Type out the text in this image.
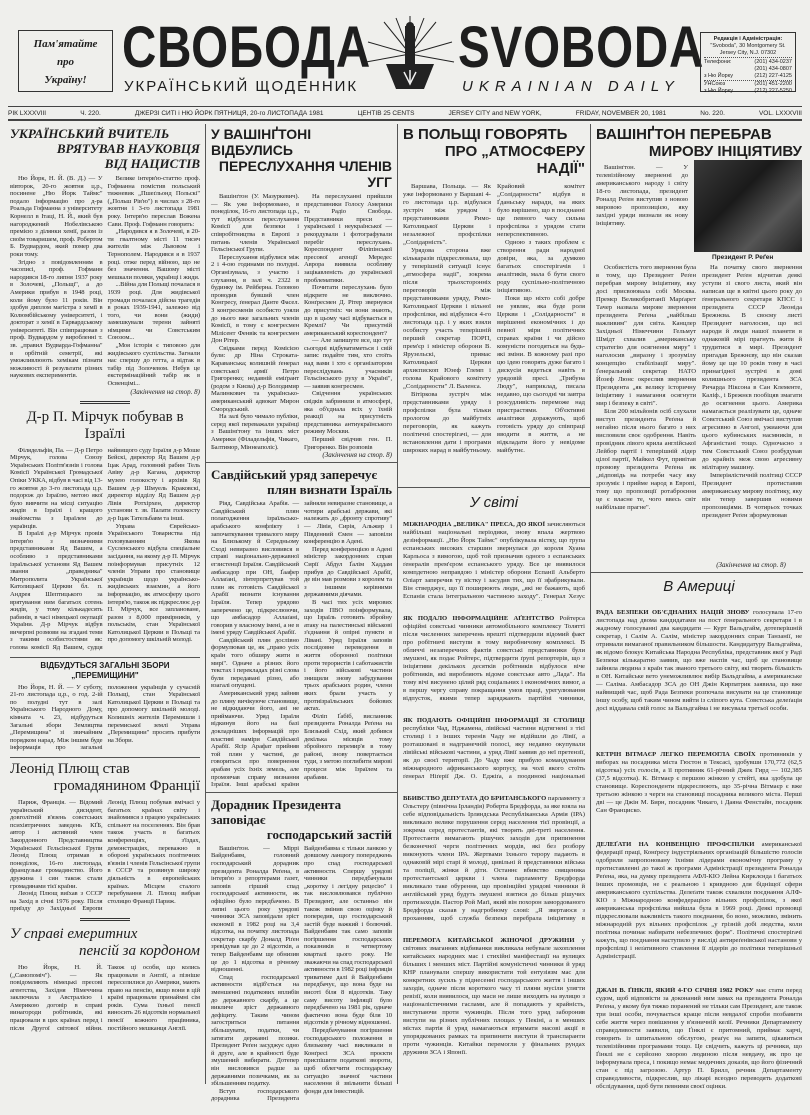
Пам'ятайте
про
Україну! СВОБОДА
УКРАЇНСЬКИЙ ЩОДЕННИК
SVOBODA
UKRAINIAN DAILY
Редакція і Адміністрація:
"Svoboda", 30 Montgomery St.
Jersey City, N.J. 07302
Телефони:	(201) 434-0237
(201) 434-0807
з Ню Йорку	(212) 227-4125
УНСоюз	(201) 451-2200
з Ню Йорку	(212) 227-5250
РІК LXXXVIII	Ч. 220.	ДЖЕРЗІ СИТІ і НЮ ЙОРК ПЯТНИЦЯ, 20-го ЛИСТОПАДА 1981	ЦЕНТІВ 25 CENTS	JERSEY CITY and NEW YORK,	FRIDAY, NOVEMBER 20, 1981	No. 220.	VOL. LXXXVIII
УКРАЇНСЬКИЙ ВЧИТЕЛЬ
ВРЯТУВАВ НАУКОВЦЯ
ВІД НАЦИСТІВ

Ню Йорк, Н. Й. (В. Д.) — У вівторок, 20-го жовтня ц.р., посинене „Ню Йорк Таймс" подало інформацію про д-ра Роальда Гофманна з університету Корнелл в Ітаці, Н. Й., який був нагороджений Нобелівською премією з ділянки хемії, разом із своїм товаришем, проф. Робертом Б. Вудвардом, який помер два роки тому.

Згідно з повідомленням в часописі, проф. Гофманн народився 18-го липня 1937 року в Золочеві, „Польщі", а до Америки прибув в 1948 році, коли йому було 11 років. Він здобув диплом магістра з хемії в Колюмбійському університеті, і докторат з хемії в Гарвардському університеті. Він співпрацював з проф. Вудвардом у виробленні т. зв. „правил Вудварда-Гофманна" в орбітній семетрії, які уможливлюють хемікам пізнати можливості й результати різних наукових експериментів.

Велике інтерв'ю-статтю проф. Гофманна помістив польський тижневик „Пшеґльонд Польскі" („Польш Рів'ю") в числах з 28-го жовтня і 3-го листопада 1981 року. Інтерв'ю переслав Вожена Сави. Проф. Гофманн говорить:

„Народився я в Золочеві, в 20-ти гвалтному місті 11 тисяч жителів між Львовом і Тернополем. Народився я в 1937 році. отже перед війною, що не без значення. Вашому місті мешкали поляки, українці і жиди.

...Війна для Польщі почалася в 1939 році. Для жидівської громади почалася дійсна трагедія в роках 1939-1941, залежно від того, чи вони (жиди) замешкували терени зайняті німцями чи Совєтським Союзом...

„Моя історія є типовою для жидівського суспільства. Загнали нас спершу до гетта, а відтак в табір під Золочевом. Небув це екстермінаційний табір як в Освенцімі...

(Закінчення на стор. 8)
Д-р П. Мірчук побував в Ізраїлі

Філядельфія, Па. — Д-р Петро Мірчук, голова Союзу Українських Політв'язнів і голова Комісії Української Громадської Опіки УККА, відбув в часі від 13-го жовтня до 3-го листопада ц.р. подорож до Ізраїлю, метою якої було вивчити на місці ситуацію жидів в Ізраїлі і кращого знайомства з Ізраїлем до українців.

В Ізраїлі д-р Мірчук провів інтерв'ю з визначними представниками Яд Вашем, а особливо з представниками ізраїльської установи Яд Вашем звання „праведника" Митрополита Української Католицької Церкви бл. п. Андрея Шептицького за врятування ним багатьох сотень жидів, у тому кількадесять рабинів, в часі німецької окупації України. Д-р Мірчук відбув вичерпні розмови на згадані теми з такими особистостями як: голова комісії Яд Вашем, судця найвищого суду Ізраїля д-р Моше Бейскі, директор Яд Вашем д-р Іцак Арад, головний рабин Тель Авіву д-р Кагана, директор музею голокосту і архівів Яд Вашем д-р Шмуель Краковскі, директор відділу Яд Вашем д-р Лівія Ротхірхен, директор установи т. зв. Палати голокосту д-р Іцак Тательбавм та інші.

Управа Єврейсько-Українського Товариства під головуванням Якова Сусленського відбула спеціальне засідання, на якому д-р П. Мірчук поінформував присутніх 12 членів Управи про становище українців щодо українсько-жидівських взаємин, а його інформацію, як атмосферу цього інтерв'ю, також як підкреслює д-р П. Мірчук, все заплановане, разом з 8,000 примірників, у польськім, стан Української Католицької Церкви в Польщі та про допомогу шкільній молоді.

ВІДБУДУТЬСЯ ЗАГАЛЬНІ ЗБОРИ „ПЕРЕМИЩИНИ"

Ню Йорк, Н. Й. — У суботу, 21-го листопада ц.р., о год. 2-ій по полудні тут в залі Українського Народного Дому, кімната ч. 23, відбудуться Загальні збори Земляцтва „Перемищина" зі звичайним порядком нарад. Між іншим буде інформація про загальні положення українців у сучасній Польщі, стан Української Католицької Церкви в Польщі та про допомогу шкільній молоді. Колишніх жителів Перемишля і перемиської землі Управа „Перемищини" просить прибути на Збори.

Леонід Плющ став
громадянином Франції

Париж, Франція. — Відомий український дисидент, довголітній в'язень совєтських психіятричних заведень КҐБ, автор і активний член Закордонного Представництва Української Гельсінської Групи Леонід Плющ отримав в понеділок, 16-го листопада, французьке громадянство. Його дружина і син також стали громадянами тієї країни.

Леонід Плющ виїхав з СССР на Захід в січні 1976 року. Після приїзду до Західньої Европи Леонід Плющ побував вмічасі у багатьох країнах світу і знайомився з працею українських спільнот на поселеннях. Він брав також участь в багатьох конференціях, з'їздах, демонстраціях, переважно в обороні українських політичних в'язнів і членів Гельсінської групи в СССР та розвинув широку діяльність в европейських країнах. Місцем сталого перебування Л. Плющ вибрав столицю Франції Париж.

У справі емеритних
пенсій за кордоном

Ню Йорк, Н. Й. („Самопоміч"). — Як повідомляють німецькі пресові агентства, Західня Німеччина заключила з Австралією і Америкою договір в справі винагороди робітників, які працювали в цих країнах перед і після Другої світової війни. Також ці особи, що колись працювали в Англії, а пізніше переселилися до Америки, мають право на пенсію, якщо вони в цій країні працювали принаймні сім років. Сума їхньої пенсії виносить 26 відсотків нормальної пенсії кожного працівника, постійного мешканця Англії.

У ВАШІНҐТОНІ ВІДБУЛИСЬ
ПЕРЕСЛУХАННЯ ЧЛЕНІВ УГГ

Вашінґтон (У. Мазуркевич). — Як уже інформовано, в понеділок, 16-го листопада ц.р., тут відбулося переслухання Комісії для безпеки і співробітництва в Европі з питань членів Української Гельсінської Групи.

Переслухання відбулися між 2 і 4-ою годинами по полудні. Організувала, з участю і слухання, в залі ч. 2322 в будинку ім. Рейберна. Головою проводив бувший член Конгресу, ґенерал Данте Фасел. З конгресменів особисто узяли до нього вже загальних членів Комісії, в тому є конгресмен Мілісент Фенвік та конгресмен Дон Рітер.

Свідками перед Комісією були: др Ніна Строката-Караванська; колишній ґенерал совєтської армії Петро Григоренко; недавній еміґрант (родом з Києва) д-р Володимир Малинкович та українсько-американський адвокат Мирон Смородський.

На залі було чимало публіки, серед якої переважали українці з Вашінґтону та інших міст Америки (Філадельфія, Чикаго, Балтимор, Міннеаполіс).

На переслуханні прийшли представники Голосу Америки та Радіо Свобода. Представники преси — української і неукраїнської — рекордували і фотографували перебіг переслухань. Кореспондент Філіпінської пресової агенції Мередес Аврора виявила особливу зацікавленість до української проблематики.

Почитати переслухань було відкрите не виключно. Конґресмен Д. Рітер звернувся до присутніх: чи вони знають, що в цьому часі відбувається в Кремлі? Чи присутній американський кореспондент?

— Але запишуте все, що тут сьогодні відбуватиметься і свій запис подайте тим, хто стоїть над вами і хто є організатором переслідувань учасників Гельсінського руху в Україні", — заявив конгресмен.

Свідчення українських свідків забринили в атмосфері, яка об'єднала всіх у їхній реакції на присутність представника антиукраїнського режиму Москви.

Перший свідчив ген. П. Григоренко. Він розповів

(Закінчення на стор. 8)
Савдійський уряд заперечує
плян визнати Ізраїль

Ріяд, Савдійська Арабія. — Савдійський плян полагодження ізраїльсько-арабського конфлікту і започаткування тривалого миру на Близькому й Середньому Сході невиразно висловився в справі національно-державної егзистенції Ізраїля. Савдійський амбасадор при ОН, Ґаафер Аллаґані, зінтерпретував той плян як готовість Савдійської Арабії визнати існування Ізраїля. Тепер урядово заперечено це, підкреслюючи, що амбасадор Аллаґані, говорив у власному імені, а не в імені уряду Савдійської Арабії.

Савдійський плян дослівно формулював це, як „право усіх країн того обширу жити в мирі". Одначе а різних його текстах і перекладах різні слова були передавані різно, або взагалі опущені.

Американський уряд зайняв до пляну вичікуюче становище, не відкидаючи його, ані не приймаючи. Уряд Ізраїля відкинув його на базі докладніших інформацій про властиві наміри Савдійської Арабії. Ясір Арафат прийняв той плян у частині, де говориться про повернення арабам усіх їхніх земель, але промовчав справу визнання Ізраїля. Інші арабські країни зайняли невиразне становище, а чотири арабські держави, які належать до „фронту спротиву" — Лівія, Сирія, Альжир і Південний Ємен — заповіли конференцію в Адені.

Перед конференцією в Адені міністер закордонних справ Сирії Абдул Ґалім Хаддам прибув до Савдійської Арабії, де він мав розмови з королем та з іншими керівними державними діячами.

В часі тих усіх мирових заходів ПВО поінформувала, що Ізраїль готовить збройну атаку на палестинські військові з'єднання й опірні пункти в Лівані. Уряд Ізраїля заповів послідовне переведення в життя оборонної політики проти терористів і саботажистів і його військові частини знищили знову забудування трьох арабських родин, члени яких брали участь у протиізраїльських бойових актах.

Філіп Ґабіб, висланник президента Роналда Реґена на Близький Схід, який добився декілька місяців тому збройного перемир'я в тому районі, знову повертається туди, з метою поглибити мирові процеси між Ізраїлем та арабами.

Дорадник Президента заповідає
господарський застій

Вашінґтон. — Міррі Вайденбавм, головний господарський дорадник президента Роналда Реґена, в інтерв'ю з репортерами газет, заповів гірший спад господарської активности, як офіційно було передбачено. В липні цього року урядові чинники ЗСА заповідали зріст економії в 1982 році на 3,4 відсотка, на початку листопада секретар скарбу Доналд Ріґен зревідував це до 2 відсотків, а тепер Вайденбавм ще обнизив це до 1 відсотка в річному відношенні.

Спад господарської активности відіб'ється на зменшенні податкових вплибів до державного скарбу, а це викличе зріст державного дефіциту. Таким чином загостриться питання збільшувати, податки, чи затягати державні позики. Президент Реґен засуджує одно й друге, але в крайності буде змушений вибирати. Дотепер він висловився радше за державними позичками, як за збільшенням податку.

Вступ господарського дорадника Президента Вайденбавма є тільки ланкою у довшому ланцюгу попереджень про спад господарської активности. Спершу урядові чинники передбачували „коротку і легідну рецесію" і так висловлювався публічно Президент, але останньо він також змінив свою оцінку й попередив, що господарський застій буде важкий і болючий. Вайденбавм так само заповів погіршення господарських показників в четвертому кварталі цього року. Не зважаючи на спад господарської активности в 1982 році інфляція триватиме далі й Вайденбавм передбачує, що вона буде на висоті біля 8 відсотків. Таку саму висоту інфляції було передбачено на 1981 рік, одначе фактично вона буде біля 10 відсотків у річному відношенні.

Передбачування погіршення господарського положення в близькому часі викликали в Конґресі ЗСА проєкти приспішити податкові звороти, щоб облегчити господарську ситуацію значної частини населення й звільнити більші фонди для інвестицій.

В ПОЛЬЩІ ГОВОРЯТЬ
ПРО „АТМОСФЕРУ НАДІЇ"

Варшава, Польща. — Як уже інформовано у Варшаві 4-го листопада ц.р. відбулася зустріч між урядом і представниками Римо-Католицької Церкви і незалежної профспілки „Солідарність".

Урядова сторона вже кількаразів підкреслювала, що у теперішній ситуації існує „атмосфера надії", зокрема після трьохсторонніх переговорів між представниками уряду, Римо-Католицької Церкви і вільної профспілки, які відбулися 4-го листопада ц.р. і у яких взяли особисту участь теперішній перший секретар ПОРП, прем'єр і міністер оборони В. Ярузельскі, примас Католицької Церкви архиєпископ Юзеф Глемп і голова Крайового комітету „Солідарности" Л. Валенса.

Вітіркова зустріч між представниками уряду і профспілки була тільки прологом до майбутніх переговорів, як кажуть політичні спостерігачі, — для встановлення дати і програми широких нарад в майбутньому. Крайовий комітет „Солідарности" відбув в Ґданьську наради, на яких було вирішено, що в поєднанні ще певного часу сильна профспілка з урядом стати неперспективною.

Одною з таких проблем є створення ради народної довіри, яка, за думкою багатьох спостерігачів і аналітиків, мала б бути свого роду суспільно-політичною ініціятивою.

Поки що ніхто собі добре не уявляє, яка буде роля Церкви і „Солідарности" в вирішенні економічних і до певної міри політичних справах країни і чи дійсно комуністи погодяться на будь-які зміни. В кожному разі про цю ідею говорять дуже багато і дискусія ведеться навіть в урядовій пресі. „Трибуна Люду", наприклад, писала недавно, що сьогодні чи завтра розсудливість переможе над пристрастями. Об'єктивні аналітики доражують, щоб готовість уряду до співпраці вводити в життя, а не відкладати його у невідоме майбутнє.

У світі
МІЖНАРОДНА „ВЕЛИКА" ПРЕСА, ДО ЯКОЇ зачисляються найбільші національні періодики, знову впала жертвою дезінформації. „Ню Йорк Таймс" опублікувала вістку, що група еспанських високих старшин звернулася до короля Хуана Карльоса з вимогою, щоб той призначив одного з еспанських ґенералів прем'єром еспанського уряду. Все це виявилося компдетною неправдою і міністер оборони Еспанії Альберто Оліарт заперечив ту вістку і засудив тих, що її зфабрикували. Він стверджує, що її поширюють люди, „які не бажають, щоб Еспанія стала інтегральною частиною заходу". Генерал Хезус
ЯК ПОДАЛО ІНФОРМАЦІЙНЕ АҐЕНТСТВО Ройтерса офіційні совєтські чинники автомобільного комплексу Толятті після численних заперечень врешті підтвердили відомий факт про робітничі виступи в тому виробничому комплексі. В обличчі незаперечних фактів совєтські представники були змушені, як подає Ройтерс, підтвердити ґрупі репортерів, що з ініціятиви декількох десятків робітників відбулося віче робітників, які виробляють відоме совєтське авто „Лада". На тому вічі висунено цілий ряд соціальних і економічних вимог, а в першу чергу справу покращання умов праці, урегулювання відпусток, якими тепер заряджають партійні чинники,
ЯК ПОДАЮТЬ ОФІЦІЙНІ ІНФОРМАЦІЇ ЗІ СТОЛИЦІ республіки Чад, Нджамена, лівійські частини відтягнені з тієї столиці і з інших теренів Чаду не відійшли до Лівії, а розташовані в надгранечній полосі, яку недавно окупували лівійські військові частини, а уряд Лівії заявив до неї претензії, як до своєї території. До Чаду вже прибуло командування міжнародного африканського корпусу, на чолі якого стоїть ґенерал Ніґерії Дж. О. Еджіґа, а поодинокі національні
ВБИВСТВО ДЕПУТАТА ДО БРИТАНСЬКОГО парламенту з Ольстеру (північна Ірландія) Роберта Бредфорда, за яке взяла на себе відповідальність Ірляндська Республіканська Армія (ІРА) викликало велике порушення серед населення тієї провінції, а зокрема серед протестантів, які творять дві-треті населення. Протестанти вимагають рішучих заходів для припинення безконечної черги політичних мордів, які без розбору виконують члени ІРА. Жертвами їхнього терору падають в однаковій мірі старі й молоді, цивільні й представники війська та поліції, жінки й діти. Останнє вбивство священика протестантської церкви і члена парламенту Бредфорда викликало таке обурення, що провінційні урядові чинники й англійський уряд будуть змушені взятися до більш рішучих протизаходів. Пастор Рой Маґі, який він похорон замордованого Бредфорда сказав у надгробному слові: „Я звертаюся з проханням, щоб служба безпеки перебрала ініціятиву в
ПЕРЕМОГА КИТАЙСЬКОЇ ЖІНОЧОЇ ДРУЖИНИ у світових змаганнях відбиванки викликала небувале захоплення китайських народних мас і стихійні маніфестації на вулицях більших і менших міст. Партійні комуністичні чинники й уряд КНР планували спершу використати той ентузіязм мас для конкретних зусиль у піднесенні господарського життя і інших заходів, одначе після короткого часу ті пляни мусіли улягти ревізії, коли виявилося, що маси не лише виходять на вулицю з націоналістичними гаслами, але й попадають у крайність, виступаючи проти чужинців. Після того уряд заборонив виступи на різних публічних площах у Пекіні, а в менших містах партія й уряд намагаються втримати масові акції в упорядкованих рамках та припинити виступи й транспаранти проти чужинців. Китайки перемогли у фінальних рундах дружини ЗСА і Японії.
ВАШІНҐТОН ПЕРЕБРАВ
МИРОВУ ІНІЦІЯТИВУ

Вашінґтон. — У телевізійному зверненні до американського народу і світу 18-го листопада, президент Роналд Реґен виступив з новою мировою пропозицією, яку західні уряди визнали як нову ініціятиву.

Президент Р. Реґен

Особистість того звернення була в тому, що Президент Реґен перебрав мирову ініціятиву, яку досі присвоювала собі Москва. Премєр Великобританії Марґарет Тачер назвала мирове звернення президента Реґена „найбільш важливим" для світа. Канцлер Західньої Німеччини Гельмут Шмідт схвалив „американську стратегію для осягнення миру" і наголосив „виразну і зрозумілу концепцію стабілізації миру". Ґенеральний секретар НАТО Йозеф Люнс окреслив звернення Президента „як велику історичну ініціятиву і намагання осягнути мир і безпеку в світі".

Біля 200 мільйонів осіб слухали виступ президента Реґена й негайно після нього багато з них висловили своє одобрення. Навіть провідник лівого крила англійської Лейбор партії і теперішній лідер цілої партії, Майкел Фут, привітав промову президента Реґена як „відповідь на потреби часу яку зрозуміє і прийме народ в Европі, тому що пропозиції ротаброєння це є власне те, чого ввесь світ найбільше прагне".

На початку свого звернення президент Реґен відчитав деякі уступи зі свого листа, який він написав ще в квітні цього року до ґенерального секретаря КПСС і президента СССР Леоніда Брежнєва. В своєму листі Президент наголосив, що всі народи й люди нашої планети в однаковій мірі прагнуть жити й трудитися в мирі. Президент пригадав Брежнєву, що він сказав йому це ще 10 років тому в часі принагідної зустрічі в домі колишнього президента ЗСА Ричарда Ніксона в Сан Клементе, Каліф., і Брежнєв пообіцяв змагати до осягнення цього. Америка намагається реалізувати це, одначе Совєтський Союз вмічасі виступив агресивно в Анголі, ужиаючи для цього кубинських насмників, в Афганістані тощо. Одночасно з тим Совєтський Союз розбудував до крайніх меж свою агресивну мілітарну машину.

Імперіялістичній політиці СССР Президент протиставив американську мирову політику, яку він тепер завершив новими пропозиціями. В чотирьох точках президент Реґен зформулював

(Закінчення на стор. 8)
В Америці
РАДА БЕЗПЕКИ ОБ'ЄДНАНИХ НАЦІЙ ЗНОВУ голосувала 17-го листопада над двома кандидатами на пост ґенерального секретаря і в жадному голосуванні два кандидати — Курт Вальдгайм, дотеперішній секретар, і Салім А. Салім, міністер закордонних справ Танзанії, не отримали вимаганої правильником більшости. Кандидатуру Вальдгайма, як відомо блокує Китайська Народна Республіка, представник якої у Раді Безпеки кількаратно заявив, що вже наспів час, щоб це становище зайняла людина з країн так званого третього світу, які творять більшість в ОН. Китайське вето унеможливлює вибір Вальдгайма, а американське — Саліма. Амбасадор ЗСА до ОН Джін Кирпатрик заявила, що вже найвищий час, щоб Рада Безпеки розпочала висувати на це становище іншу особу, щоб таким чином вийти із сліпого кута. Совєтська делеґація досі віддавала свій голос за Вальдгайма і не висувала третьої особи.
КЕТРІН ВІТМАЄР ЛЕГКО ПЕРЕМОГЛА СВОЇХ противників у виборах на посадника міста Гюстон в Тексасі, здобувши 170,772 (62,5 відсотка) усіх голосів, а її противник 61-річний Джек Гирд — 102,385 (37,5 відсотка). К. Вітмаєр є першою жінкою у стейті, яка здобула це становище. Кореспонденти підкреслюють, що 35-річна Вітмаєр є вже третьою жінкою з черги на становищі посадника великого міста. Перші дві — це Джін М. Бирн, посадник Чикаго, і Даяна Фенстайн, посадник Сан Франциско.
ДЕЛЕҐАТИ НА КОНВЕНЦІЮ ПРОФСПІЛКИ американської федерації праці, Конґресу індустріяльних організацій більшістю голосів одобрили запропоновану їхніми лідерами економічну програму у протиставленні до такої ж програми Адміністрації президента Роналда Реґена, яка, на думку президента АФЛ-КІО Лейна Кирклєнда і багатьох інших промовців, не є реальною і кривдною для бідніщої сфери американського суспільства. Делеґати також схвалили поєднання АЛФ-КІО з Міжнародною конфедерацією вільних профспілок, з якої американська профспілка вийшла була в 1969 році. Деякі промовці підкреслювали важливість такого поєднання, бо воно, можливо, змінить міжнародній рух вільних профспілок „у грізній добі людства, коли політика починає набирати небезпечних форм". Політичні спостерігачі кажуть, що поєднання наступило у висліді антиреґенівської настанови у профспілці і неґативного ставлення її лідерів до політики теперішньої Адміністрації.
ДЖАН В. ҐІНКЛІ, ЯКИЙ 4-ГО СІЧНЯ 1982 РОКУ має стати перед судом, щоб відповісти за доконаний ним замах на президента Роналда Реґена, у якому був тяжко поранений не тільки сам Президент, але також три інші особи, почувається краще після невдалої спроби позбавити себе життя через повішення у в'язничній келії. Речники Департаменту справедливости заявили, що Ґінклі є притомний, приймає харчі, говорить із шпитальною обслугою, реаґує на запити, цікавиться телевізійними програмами тощо. Це свідчить, кажуть ці речники, що Ґінклі не є серйозно хворою людиною після невдачу, як про це інформувала преса, і покищо немає медичних доказів, що його фізичний стан є під загрозою. Артур П. Брилл, речник Департаменту справедливости, підкреслив, що лікарі всеодно переводять додаткові обслідування, щоб бути певними своєї оцінки.
